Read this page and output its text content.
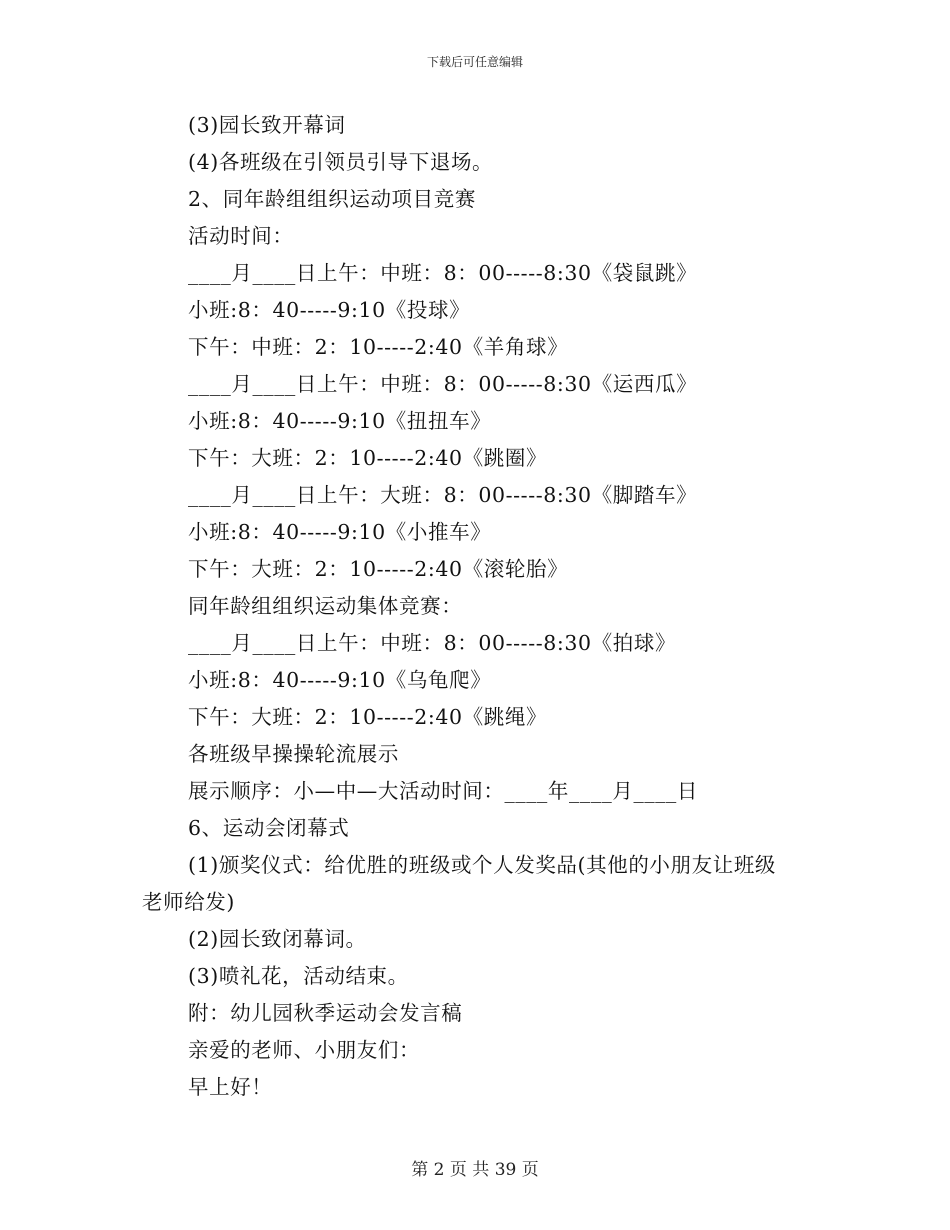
下载后可任意编辑
(3)园长致开幕词
(4)各班级在引领员引导下退场。
2、同年龄组组织运动项目竞赛
活动时间：
____月____日上午：中班：8：00-----8:30《袋鼠跳》
小班:8：40-----9:10《投球》
下午：中班：2：10-----2:40《羊角球》
____月____日上午：中班：8：00-----8:30《运西瓜》
小班:8：40-----9:10《扭扭车》
下午：大班：2：10-----2:40《跳圈》
____月____日上午：大班：8：00-----8:30《脚踏车》
小班:8：40-----9:10《小推车》
下午：大班：2：10-----2:40《滚轮胎》
同年龄组组织运动集体竞赛：
____月____日上午：中班：8：00-----8:30《拍球》
小班:8：40-----9:10《乌龟爬》
下午：大班：2：10-----2:40《跳绳》
各班级早操操轮流展示
展示顺序：小—中—大活动时间：____年____月____日
6、运动会闭幕式
(1)颁奖仪式：给优胜的班级或个人发奖品(其他的小朋友让班级
老师给发)
(2)园长致闭幕词。
(3)喷礼花，活动结束。
附：幼儿园秋季运动会发言稿
亲爱的老师、小朋友们：
早上好！
第 2 页 共 39 页
